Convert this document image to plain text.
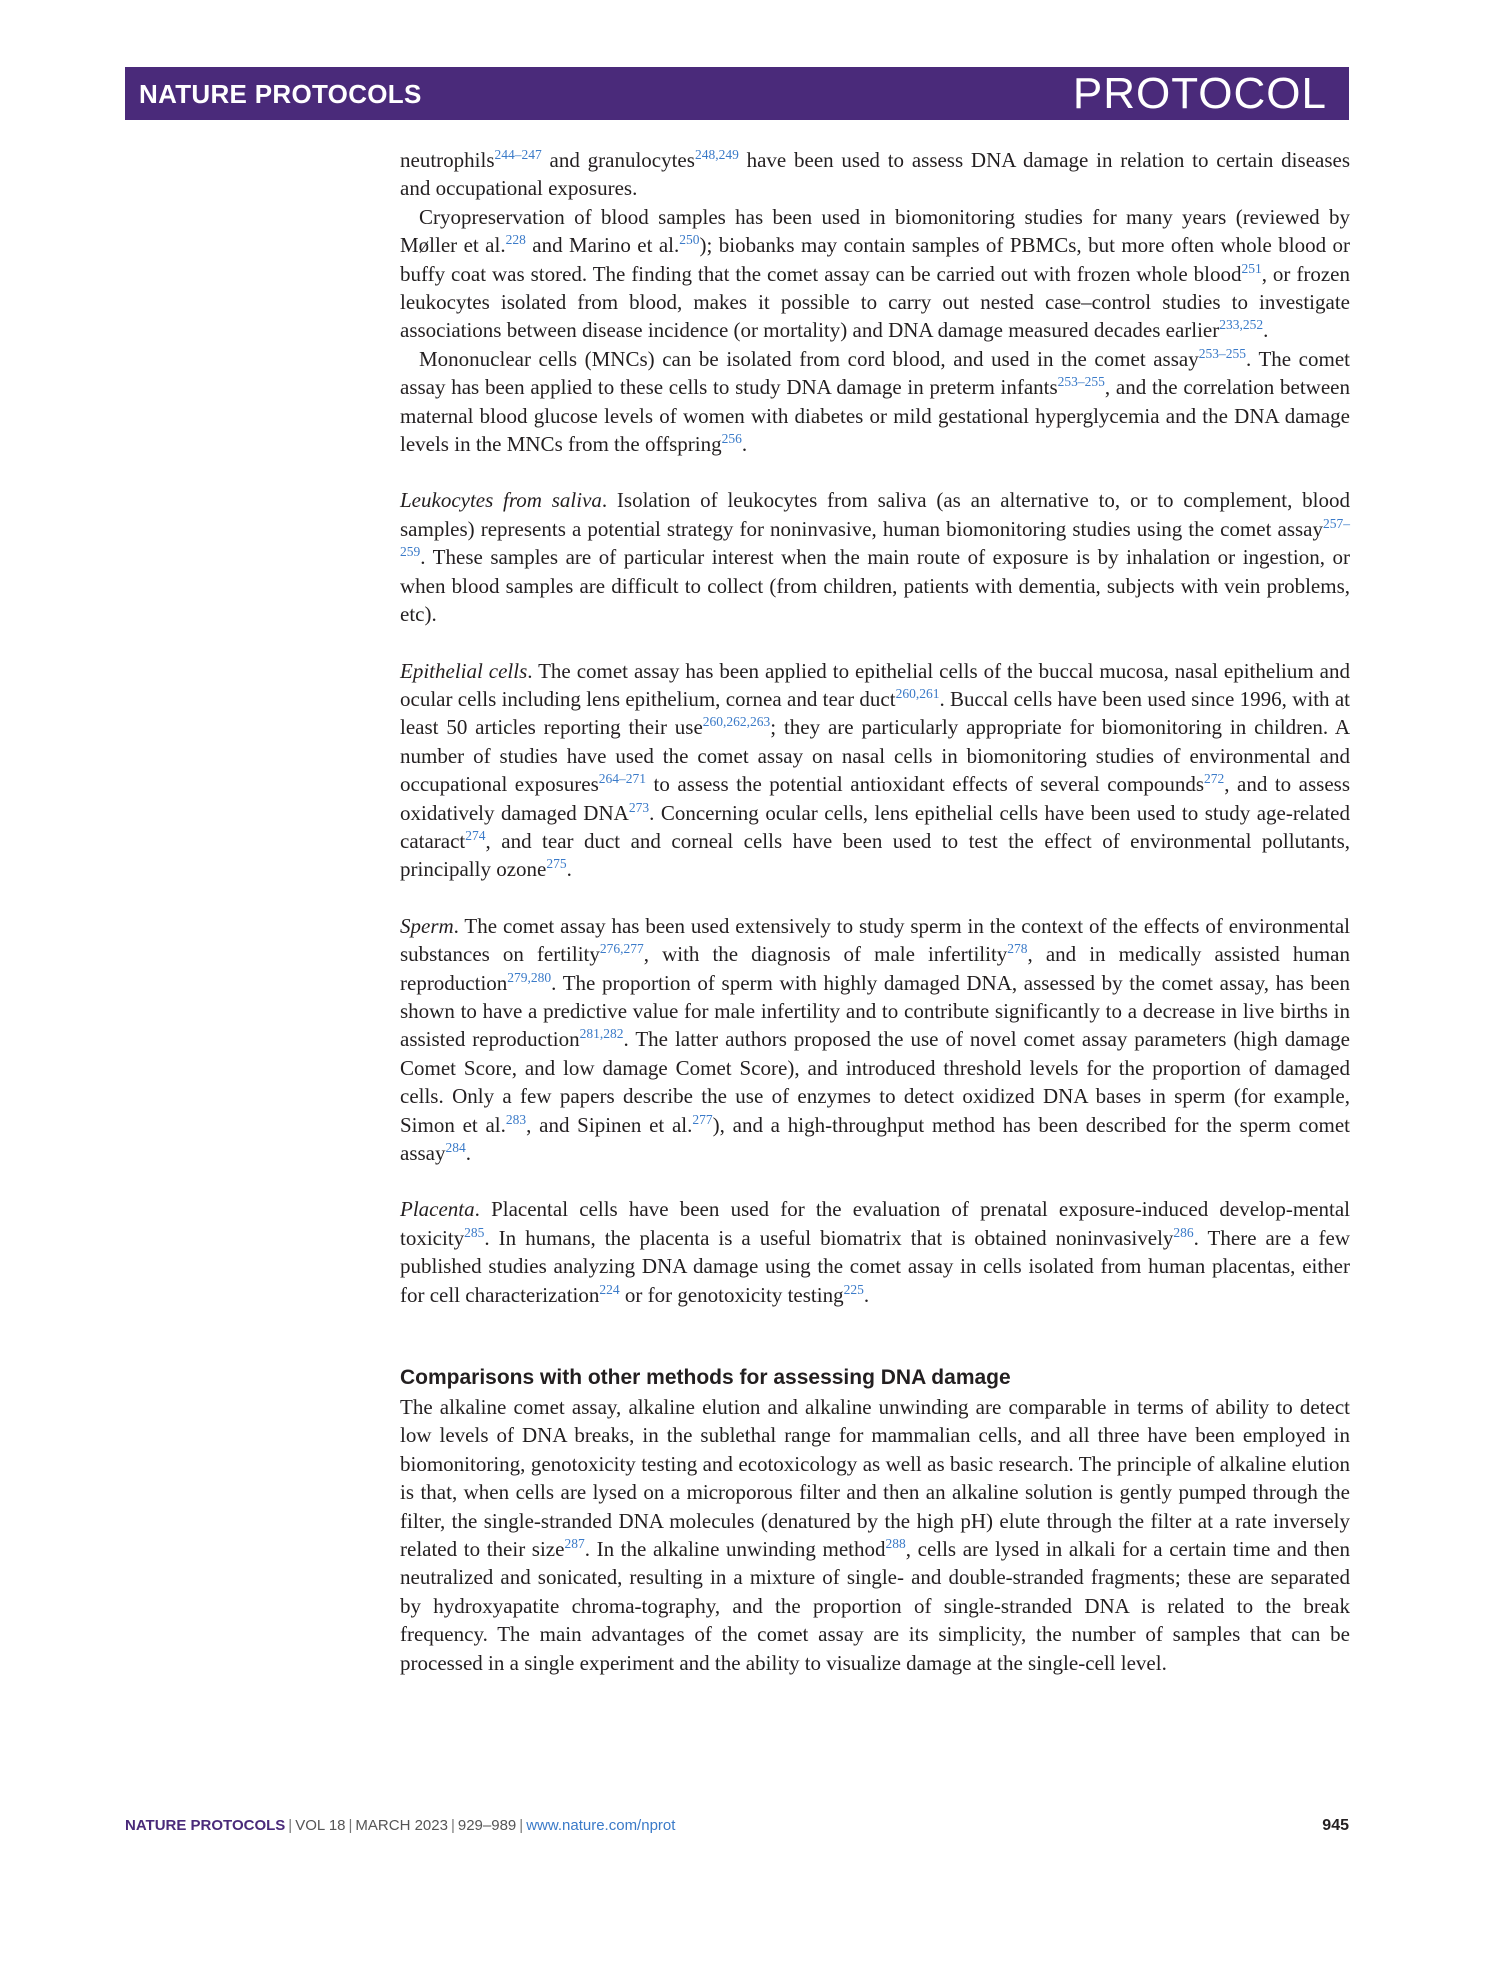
NATURE PROTOCOLS	PROTOCOL

neutrophils$^{244-247}$ and granulocytes$^{248,249}$ have been used to assess DNA damage in relation to certain diseases and occupational exposures.

Cryopreservation of blood samples has been used in biomonitoring studies for many years (reviewed by Møller et al.$^{228}$ and Marino et al.$^{250}$); biobanks may contain samples of PBMCs, but more often whole blood or buffy coat was stored. The finding that the comet assay can be carried out with frozen whole blood$^{251}$, or frozen leukocytes isolated from blood, makes it possible to carry out nested case–control studies to investigate associations between disease incidence (or mortality) and DNA damage measured decades earlier$^{233,252}$.

Mononuclear cells (MNCs) can be isolated from cord blood, and used in the comet assay$^{253-255}$. The comet assay has been applied to these cells to study DNA damage in preterm infants$^{253-255}$, and the correlation between maternal blood glucose levels of women with diabetes or mild gestational hyperglycemia and the DNA damage levels in the MNCs from the offspring$^{256}$.

Leukocytes from saliva. Isolation of leukocytes from saliva (as an alternative to, or to complement, blood samples) represents a potential strategy for noninvasive, human biomonitoring studies using the comet assay$^{257-259}$. These samples are of particular interest when the main route of exposure is by inhalation or ingestion, or when blood samples are difficult to collect (from children, patients with dementia, subjects with vein problems, etc).

Epithelial cells. The comet assay has been applied to epithelial cells of the buccal mucosa, nasal epithelium and ocular cells including lens epithelium, cornea and tear duct$^{260,261}$. Buccal cells have been used since 1996, with at least 50 articles reporting their use$^{260,262,263}$; they are particularly appropriate for biomonitoring in children. A number of studies have used the comet assay on nasal cells in biomonitoring studies of environmental and occupational exposures$^{264-271}$ to assess the potential antioxidant effects of several compounds$^{272}$, and to assess oxidatively damaged DNA$^{273}$. Concerning ocular cells, lens epithelial cells have been used to study age-related cataract$^{274}$, and tear duct and corneal cells have been used to test the effect of environmental pollutants, principally ozone$^{275}$.

Sperm. The comet assay has been used extensively to study sperm in the context of the effects of environmental substances on fertility$^{276,277}$, with the diagnosis of male infertility$^{278}$, and in medically assisted human reproduction$^{279,280}$. The proportion of sperm with highly damaged DNA, assessed by the comet assay, has been shown to have a predictive value for male infertility and to contribute significantly to a decrease in live births in assisted reproduction$^{281,282}$. The latter authors proposed the use of novel comet assay parameters (high damage Comet Score, and low damage Comet Score), and introduced threshold levels for the proportion of damaged cells. Only a few papers describe the use of enzymes to detect oxidized DNA bases in sperm (for example, Simon et al.$^{283}$, and Sipinen et al.$^{277}$), and a high-throughput method has been described for the sperm comet assay$^{284}$.

Placenta. Placental cells have been used for the evaluation of prenatal exposure-induced develop-mental toxicity$^{285}$. In humans, the placenta is a useful biomatrix that is obtained noninvasively$^{286}$. There are a few published studies analyzing DNA damage using the comet assay in cells isolated from human placentas, either for cell characterization$^{224}$ or for genotoxicity testing$^{225}$.

Comparisons with other methods for assessing DNA damage

The alkaline comet assay, alkaline elution and alkaline unwinding are comparable in terms of ability to detect low levels of DNA breaks, in the sublethal range for mammalian cells, and all three have been employed in biomonitoring, genotoxicity testing and ecotoxicology as well as basic research. The principle of alkaline elution is that, when cells are lysed on a microporous filter and then an alkaline solution is gently pumped through the filter, the single-stranded DNA molecules (denatured by the high pH) elute through the filter at a rate inversely related to their size$^{287}$. In the alkaline unwinding method$^{288}$, cells are lysed in alkali for a certain time and then neutralized and sonicated, resulting in a mixture of single- and double-stranded fragments; these are separated by hydroxyapatite chroma-tography, and the proportion of single-stranded DNA is related to the break frequency. The main advantages of the comet assay are its simplicity, the number of samples that can be processed in a single experiment and the ability to visualize damage at the single-cell level.

NATURE PROTOCOLS | VOL 18 | MARCH 2023 | 929–989 | www.nature.com/nprot	945
